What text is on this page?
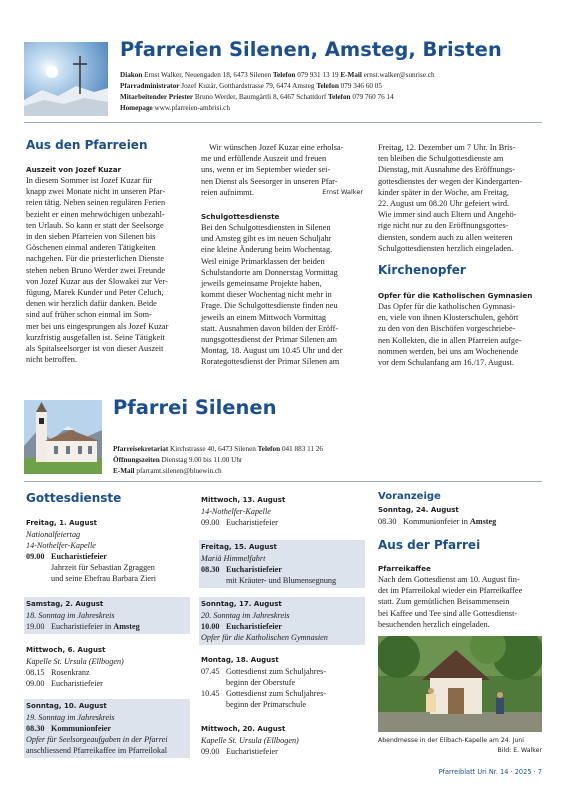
Pfarreien Silenen, Amsteg, Bristen
Diakon Ernst Walker, Neuengaden 18, 6473 Silenen Telefon 079 931 13 19 E-Mail ernst.walker@sunrise.ch
Pfarradministrator Jozef Kuzár, Gotthardstrasse 79, 6474 Amsteg Telefon 079 346 60 05
Mitarbeitender Priester Bruno Werder, Baumgärtli 8, 6467 Schattdorf Telefon 079 760 76 14
Homepage www.pfarreien-ambrisi.ch
Aus den Pfarreien
Auszeit von Jozef Kuzar
In diesem Sommer ist Jozef Kuzar für
knapp zwei Monate nicht in unseren Pfar-
reien tätig. Neben seinen regulären Ferien
bezieht er einen mehrwöchigen unbezahl-
ten Urlaub. So kann er statt der Seelsorge
in den sieben Pfarreien von Silenen bis
Göschenen einmal anderen Tätigkeiten
nachgehen. Für die priesterlichen Dienste
stehen neben Bruno Werder zwei Freunde
von Jozef Kuzar aus der Slowakei zur Ver-
fügung, Marek Kunder und Peter Celuch,
denen wir herzlich dafür danken. Beide
sind auf früher schon einmal im Som-
mer bei uns eingesprungen als Jozef Kuzar
kurzfristig ausgefallen ist. Seine Tätigkeit
als Spitalseelsorger ist von dieser Auszeit
nicht betroffen.
Wir wünschen Jozef Kuzar eine erholsa-
me und erfüllende Auszeit und freuen
uns, wenn er im September wieder sei-
nen Dienst als Seesorger in unseren Pfar-
reien aufnimmt.	Ernst Walker
Schulgottesdienste
Bei den Schulgottesdiensten in Silenen
und Amsteg gibt es im neuen Schuljahr
eine kleine Änderung beim Wochentag.
Weil einige Primarklassen der beiden
Schulstandorte am Donnerstag Vormittag
jeweils gemeinsame Projekte haben,
kommt dieser Wochentag nicht mehr in
Frage. Die Schulgottesdienste finden neu
jeweils an einem Mittwoch Vormittag
statt. Ausnahmen davon bilden der Eröff-
nungsgottesdienst der Primar Silenen am
Montag, 18. August um 10.45 Uhr und der
Rorategottesdienst der Primar Silenen am
Freitag, 12. Dezember um 7 Uhr. In Bris-
ten bleiben die Schulgottesdienste am
Dienstag, mit Ausnahme des Eröffnungs-
gottesdienstes der wegen der Kindergarten-
kinder später in der Woche, am Freitag,
22. August um 08.20 Uhr gefeiert wird.
Wie immer sind auch Eltern und Angehö-
rige nicht nur zu den Eröffnungsgottes-
diensten, sondern auch zu allen weiteren
Schulgottesdiensten herzlich eingeladen.
Kirchenopfer
Opfer für die Katholischen Gymnasien
Das Opfer für die katholischen Gymnasi-
en, viele von ihnen Klosterschulen, gehört
zu den von den Bischöfen vorgeschriebe-
nen Kollekten, die in allen Pfarreien aufge-
nommen werden, bei uns am Wochenende
vor dem Schulanfang am 16./17. August.
Pfarrei Silenen
Pfarreisekretariat Kirchstrasse 40, 6473 Silenen Telefon 041 883 11 26
Öffnungszeiten Dienstag 9.00 bis 11.00 Uhr
E-Mail pfarramt.silenen@bluewin.ch
Gottesdienste
Freitag, 1. August
Nationalfeiertag
14-Nothelfer-Kapelle
09.00 Eucharistiefeier
Jahrzeit für Sebastian Zgraggen
und seine Ehefrau Barbara Zieri
Samstag, 2. August
18. Sonntag im Jahreskreis
19.00 Eucharistiefeier in Amsteg
Mittwoch, 6. August
Kapelle St. Ursula (Ellbogen)
08.15 Rosenkranz
09.00 Eucharistiefeier
Sonntag, 10. August
19. Sonntag im Jahreskreis
08.30 Kommunionfeier
Opfer für Seelsorgeaufgaben in der Pfarrei
anschliessend Pfarreikaffee im Pfarreilokal
Mittwoch, 13. August
14-Nothelfer-Kapelle
09.00 Eucharistiefeier
Freitag, 15. August
Mariä Himmelfahrt
08.30 Eucharistiefeier
mit Kräuter- und Blumensegnung
Sonntag, 17. August
20. Sonntag im Jahreskreis
10.00 Eucharistiefeier
Opfer für die Katholischen Gymnasien
Montag, 18. August
07.45 Gottesdienst zum Schuljahres-
beginn der Oberstufe
10.45 Gottesdienst zum Schuljahres-
beginn der Primarschule
Mittwoch, 20. August
Kapelle St. Ursula (Ellbogen)
09.00 Eucharistiefeier
Voranzeige
Sonntag, 24. August
08.30 Kommunionfeier in Amsteg
Aus der Pfarrei
Pfarreikaffee
Nach dem Gottesdienst am 10. August fin-
det im Pfarreilokal wieder ein Pfarreikaffee
statt. Zum gemütlichen Beisammensein
bei Kaffee und Tee sind alle Gottesdienst-
besuchenden herzlich eingeladen.
Abendmesse in der Elibach-Kapelle am 24. Juni
Bild: E. Walker
Pfarreiblatt Uri Nr. 14 · 2025 · 7
